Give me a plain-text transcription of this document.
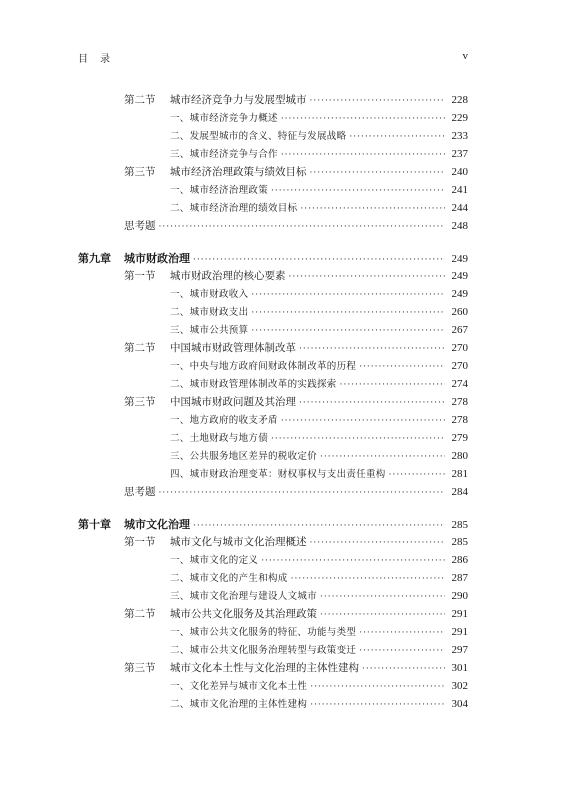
目录	v
第二节 城市经济竞争力与发展型城市 ·····	228
一、城市经济竞争力概述 ·····	229
二、发展型城市的含义、特征与发展战略 ·····	233
三、城市经济竞争与合作 ·····	237
第三节 城市经济治理政策与绩效目标 ·····	240
一、城市经济治理政策 ·····	241
二、城市经济治理的绩效目标 ·····	244
思考题 ·····	248
第九章 城市财政治理 ·····	249
第一节 城市财政治理的核心要素 ·····	249
一、城市财政收入 ·····	249
二、城市财政支出 ·····	260
三、城市公共预算 ·····	267
第二节 中国城市财政管理体制改革 ·····	270
一、中央与地方政府间财政体制改革的历程 ·····	270
二、城市财政管理体制改革的实践探索 ·····	274
第三节 中国城市财政问题及其治理 ·····	278
一、地方政府的收支矛盾 ·····	278
二、土地财政与地方债 ·····	279
三、公共服务地区差异的税收定价 ·····	280
四、城市财政治理变革：财权事权与支出责任重构 ·····	281
思考题 ·····	284
第十章 城市文化治理 ·····	285
第一节 城市文化与城市文化治理概述 ·····	285
一、城市文化的定义 ·····	286
二、城市文化的产生和构成 ·····	287
三、城市文化治理与建设人文城市 ·····	290
第二节 城市公共文化服务及其治理政策 ·····	291
一、城市公共文化服务的特征、功能与类型 ·····	291
二、城市公共文化服务治理转型与政策变迁 ·····	297
第三节 城市文化本土性与文化治理的主体性建构 ·····	301
一、文化差异与城市文化本土性 ·····	302
二、城市文化治理的主体性建构 ·····	304
